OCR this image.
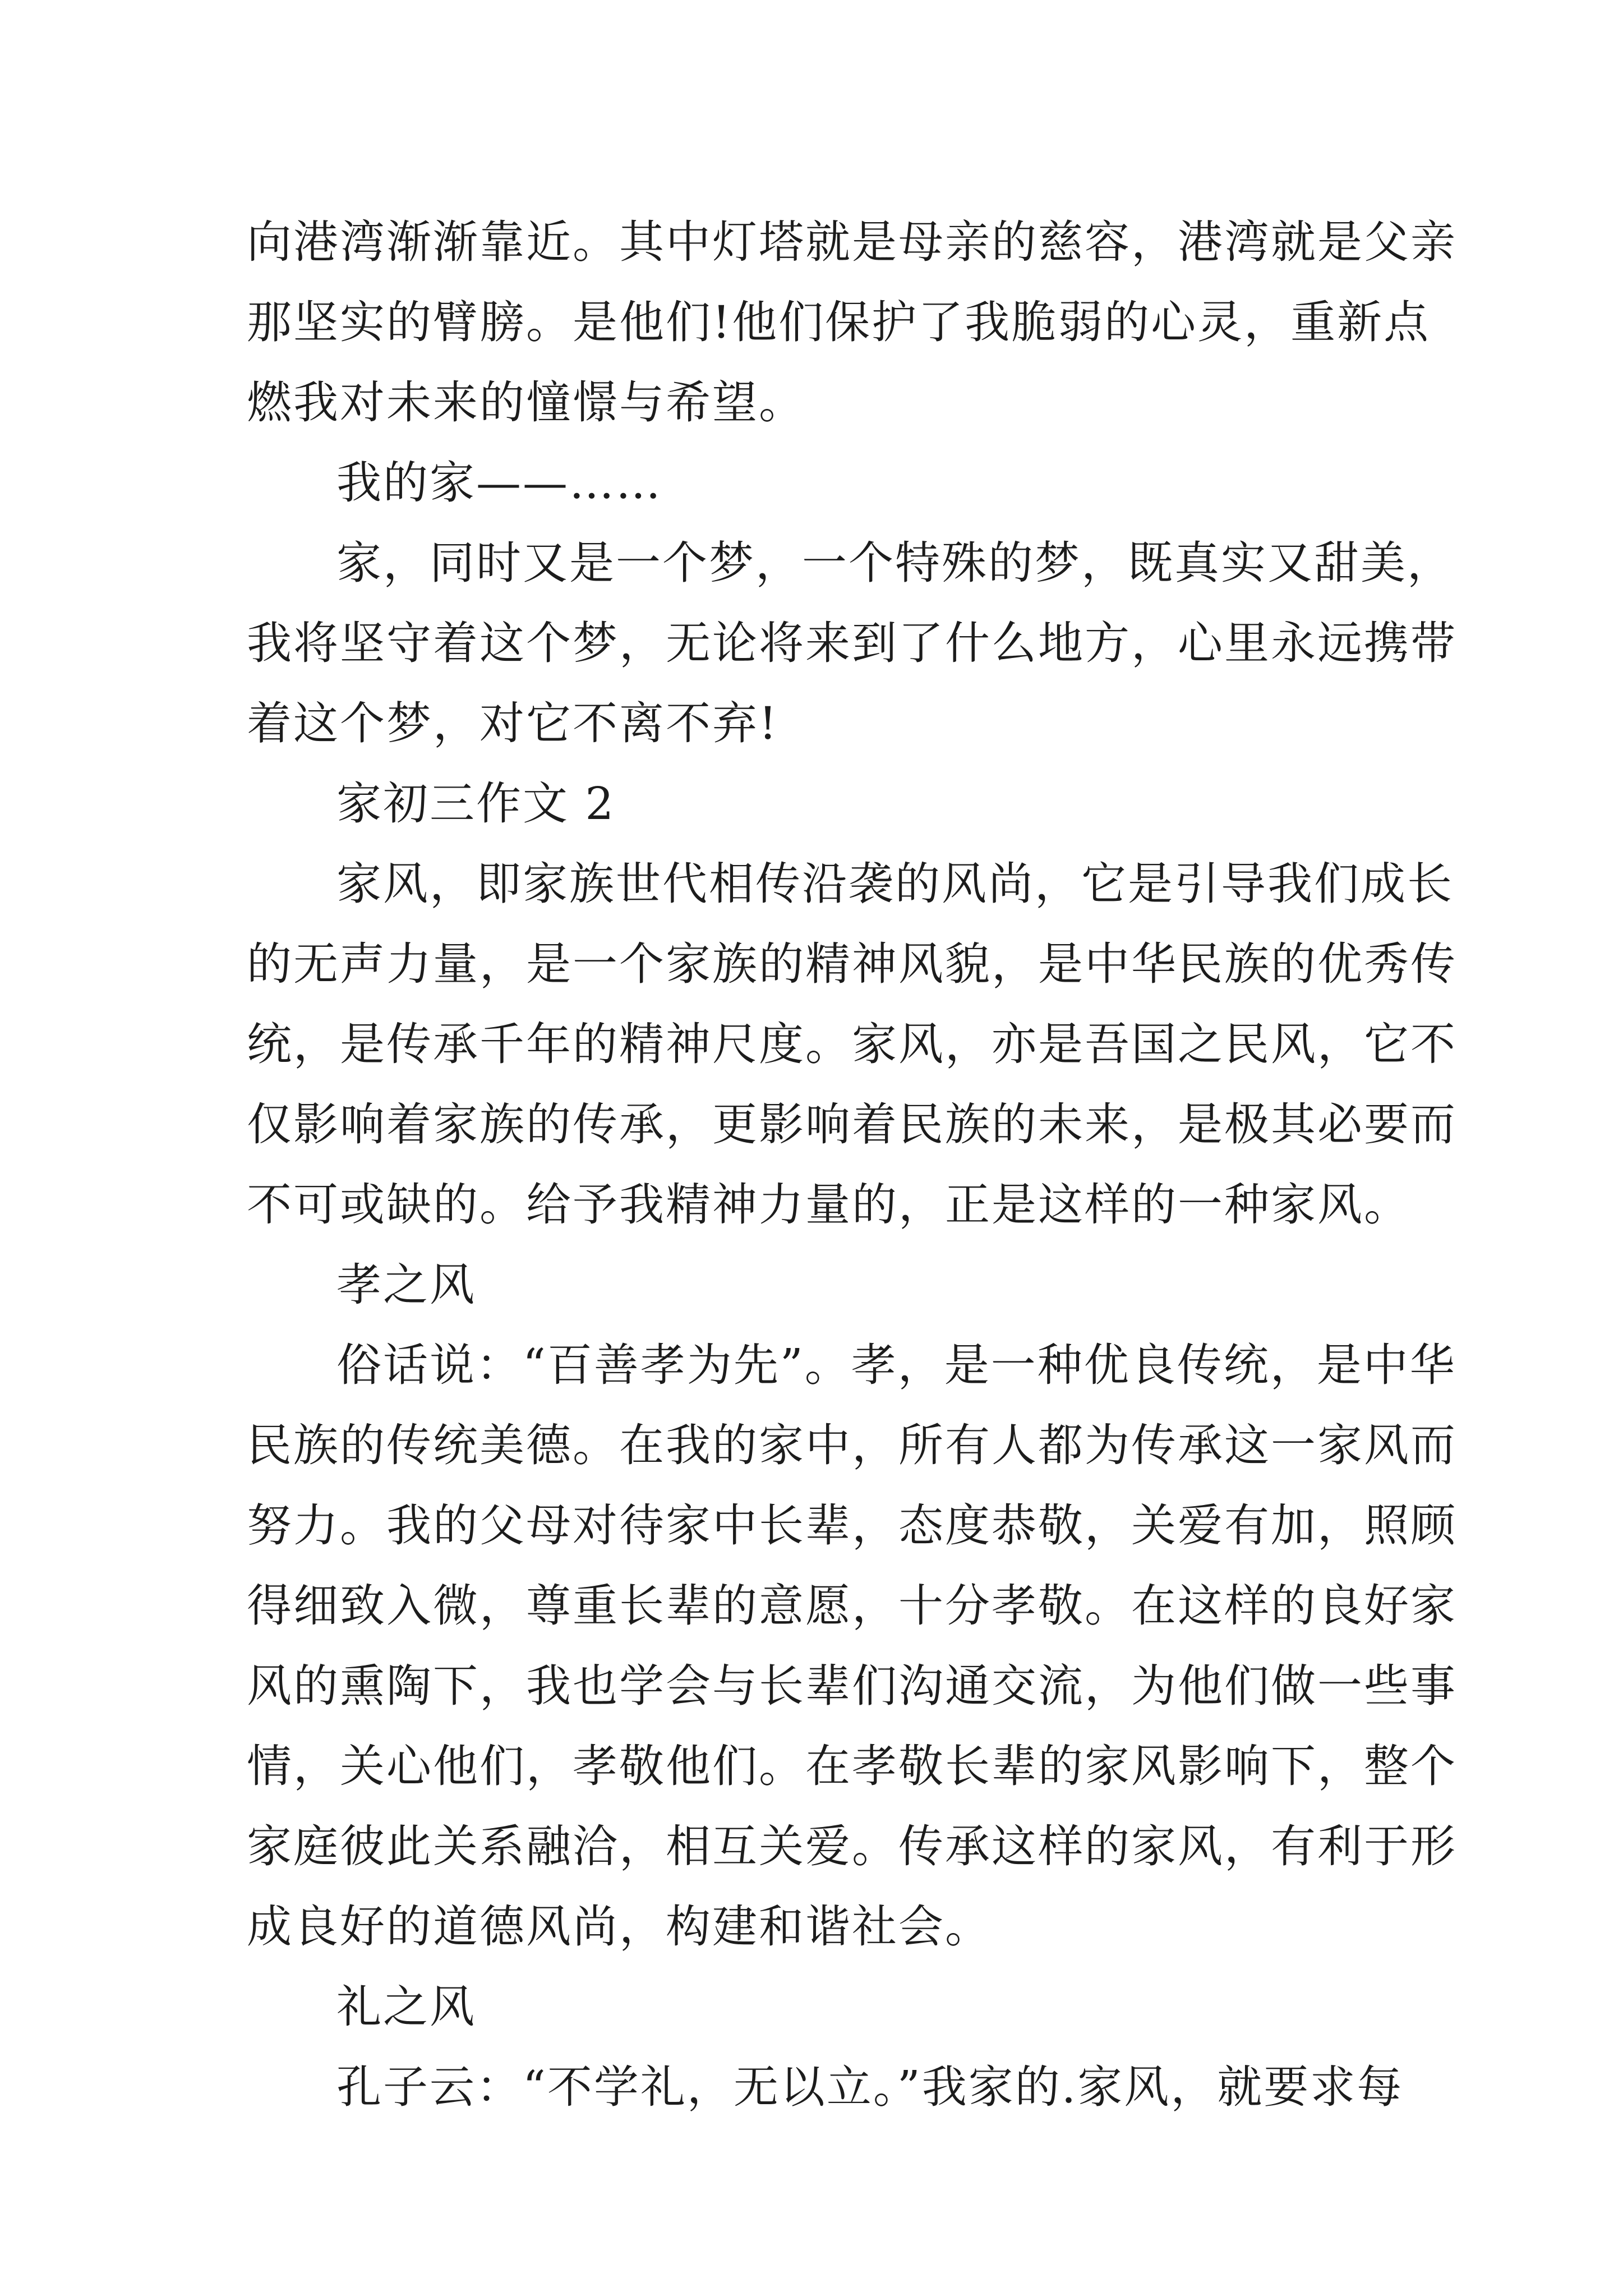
向港湾渐渐靠近。其中灯塔就是母亲的慈容，港湾就是父亲
那坚实的臂膀。是他们!他们保护了我脆弱的心灵，重新点
燃我对未来的憧憬与希望。
我的家——……
家，同时又是一个梦，一个特殊的梦，既真实又甜美，
我将坚守着这个梦，无论将来到了什么地方，心里永远携带
着这个梦，对它不离不弃!
家初三作文 2
家风，即家族世代相传沿袭的风尚，它是引导我们成长
的无声力量，是一个家族的精神风貌，是中华民族的优秀传
统，是传承千年的精神尺度。家风，亦是吾国之民风，它不
仅影响着家族的传承，更影响着民族的未来，是极其必要而
不可或缺的。给予我精神力量的，正是这样的一种家风。
孝之风
俗话说：“百善孝为先”。孝，是一种优良传统，是中华
民族的传统美德。在我的家中，所有人都为传承这一家风而
努力。我的父母对待家中长辈，态度恭敬，关爱有加，照顾
得细致入微，尊重长辈的意愿，十分孝敬。在这样的良好家
风的熏陶下，我也学会与长辈们沟通交流，为他们做一些事
情，关心他们，孝敬他们。在孝敬长辈的家风影响下，整个
家庭彼此关系融洽，相互关爱。传承这样的家风，有利于形
成良好的道德风尚，构建和谐社会。
礼之风
孔子云：“不学礼，无以立。”我家的.家风，就要求每
